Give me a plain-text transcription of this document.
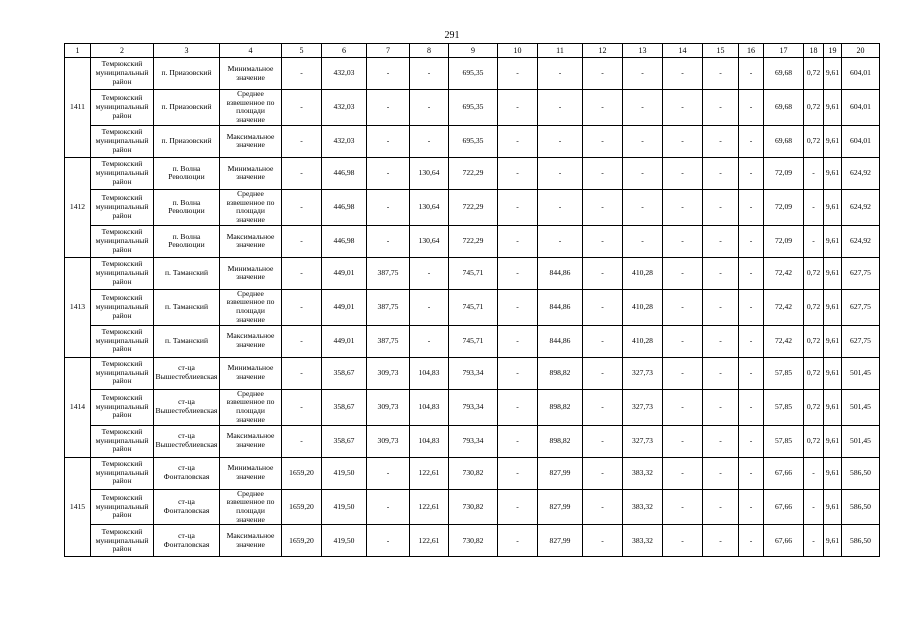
291
1	2	3	4	5	6	7	8	9	10	11	12	13	14	15	16	17	18	19	20
1411	Темрюкский муниципальный район	п. Приазовский	Минимальное значение	-	432,03	-	-	695,35	-	-	-	-	-	-	-	69,68	0,72	9,61	604,01
	Темрюкский муниципальный район	п. Приазовский	Среднее взвешенное по площади значение	-	432,03	-	-	695,35	-	-	-	-	-	-	-	69,68	0,72	9,61	604,01
	Темрюкский муниципальный район	п. Приазовский	Максимальное значение	-	432,03	-	-	695,35	-	-	-	-	-	-	-	69,68	0,72	9,61	604,01
1412	Темрюкский муниципальный район	п. Волна Революции	Минимальное значение	-	446,98	-	130,64	722,29	-	-	-	-	-	-	-	72,09	-	9,61	624,92
	Темрюкский муниципальный район	п. Волна Революции	Среднее взвешенное по площади значение	-	446,98	-	130,64	722,29	-	-	-	-	-	-	-	72,09	-	9,61	624,92
	Темрюкский муниципальный район	п. Волна Революции	Максимальное значение	-	446,98	-	130,64	722,29	-	-	-	-	-	-	-	72,09	-	9,61	624,92
1413	Темрюкский муниципальный район	п. Таманский	Минимальное значение	-	449,01	387,75	-	745,71	-	844,86	-	410,28	-	-	-	72,42	0,72	9,61	627,75
	Темрюкский муниципальный район	п. Таманский	Среднее взвешенное по площади значение	-	449,01	387,75	-	745,71	-	844,86	-	410,28	-	-	-	72,42	0,72	9,61	627,75
	Темрюкский муниципальный район	п. Таманский	Максимальное значение	-	449,01	387,75	-	745,71	-	844,86	-	410,28	-	-	-	72,42	0,72	9,61	627,75
1414	Темрюкский муниципальный район	ст-ца Вышестеблиевская	Минимальное значение	-	358,67	309,73	104,83	793,34	-	898,82	-	327,73	-	-	-	57,85	0,72	9,61	501,45
	Темрюкский муниципальный район	ст-ца Вышестеблиевская	Среднее взвешенное по площади значение	-	358,67	309,73	104,83	793,34	-	898,82	-	327,73	-	-	-	57,85	0,72	9,61	501,45
	Темрюкский муниципальный район	ст-ца Вышестеблиевская	Максимальное значение	-	358,67	309,73	104,83	793,34	-	898,82	-	327,73	-	-	-	57,85	0,72	9,61	501,45
1415	Темрюкский муниципальный район	ст-ца Фонталовская	Минимальное значение	1659,20	419,50	-	122,61	730,82	-	827,99	-	383,32	-	-	-	67,66	-	9,61	586,50
	Темрюкский муниципальный район	ст-ца Фонталовская	Среднее взвешенное по площади значение	1659,20	419,50	-	122,61	730,82	-	827,99	-	383,32	-	-	-	67,66	-	9,61	586,50
	Темрюкский муниципальный район	ст-ца Фонталовская	Максимальное значение	1659,20	419,50	-	122,61	730,82	-	827,99	-	383,32	-	-	-	67,66	-	9,61	586,50
